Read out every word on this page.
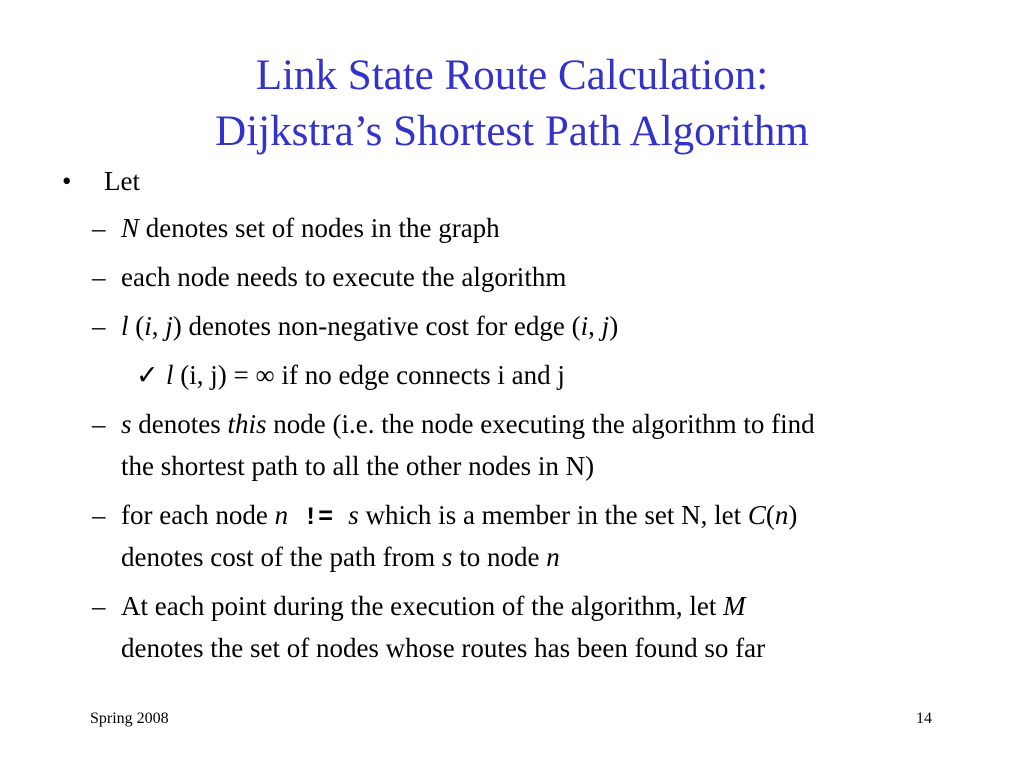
Link State Route Calculation:
Dijkstra’s Shortest Path Algorithm
• Let
– N denotes set of nodes in the graph
– each node needs to execute the algorithm
– l (i, j) denotes non-negative cost for edge (i, j)
✓ l (i, j) = ∞ if no edge connects i and j
– s denotes this node (i.e. the node executing the algorithm to find
the shortest path to all the other nodes in N)
– for each node n != s which is a member in the set N, let C(n)
denotes cost of the path from s to node n
– At each point during the execution of the algorithm, let M
denotes the set of nodes whose routes has been found so far
Spring 2008	14
